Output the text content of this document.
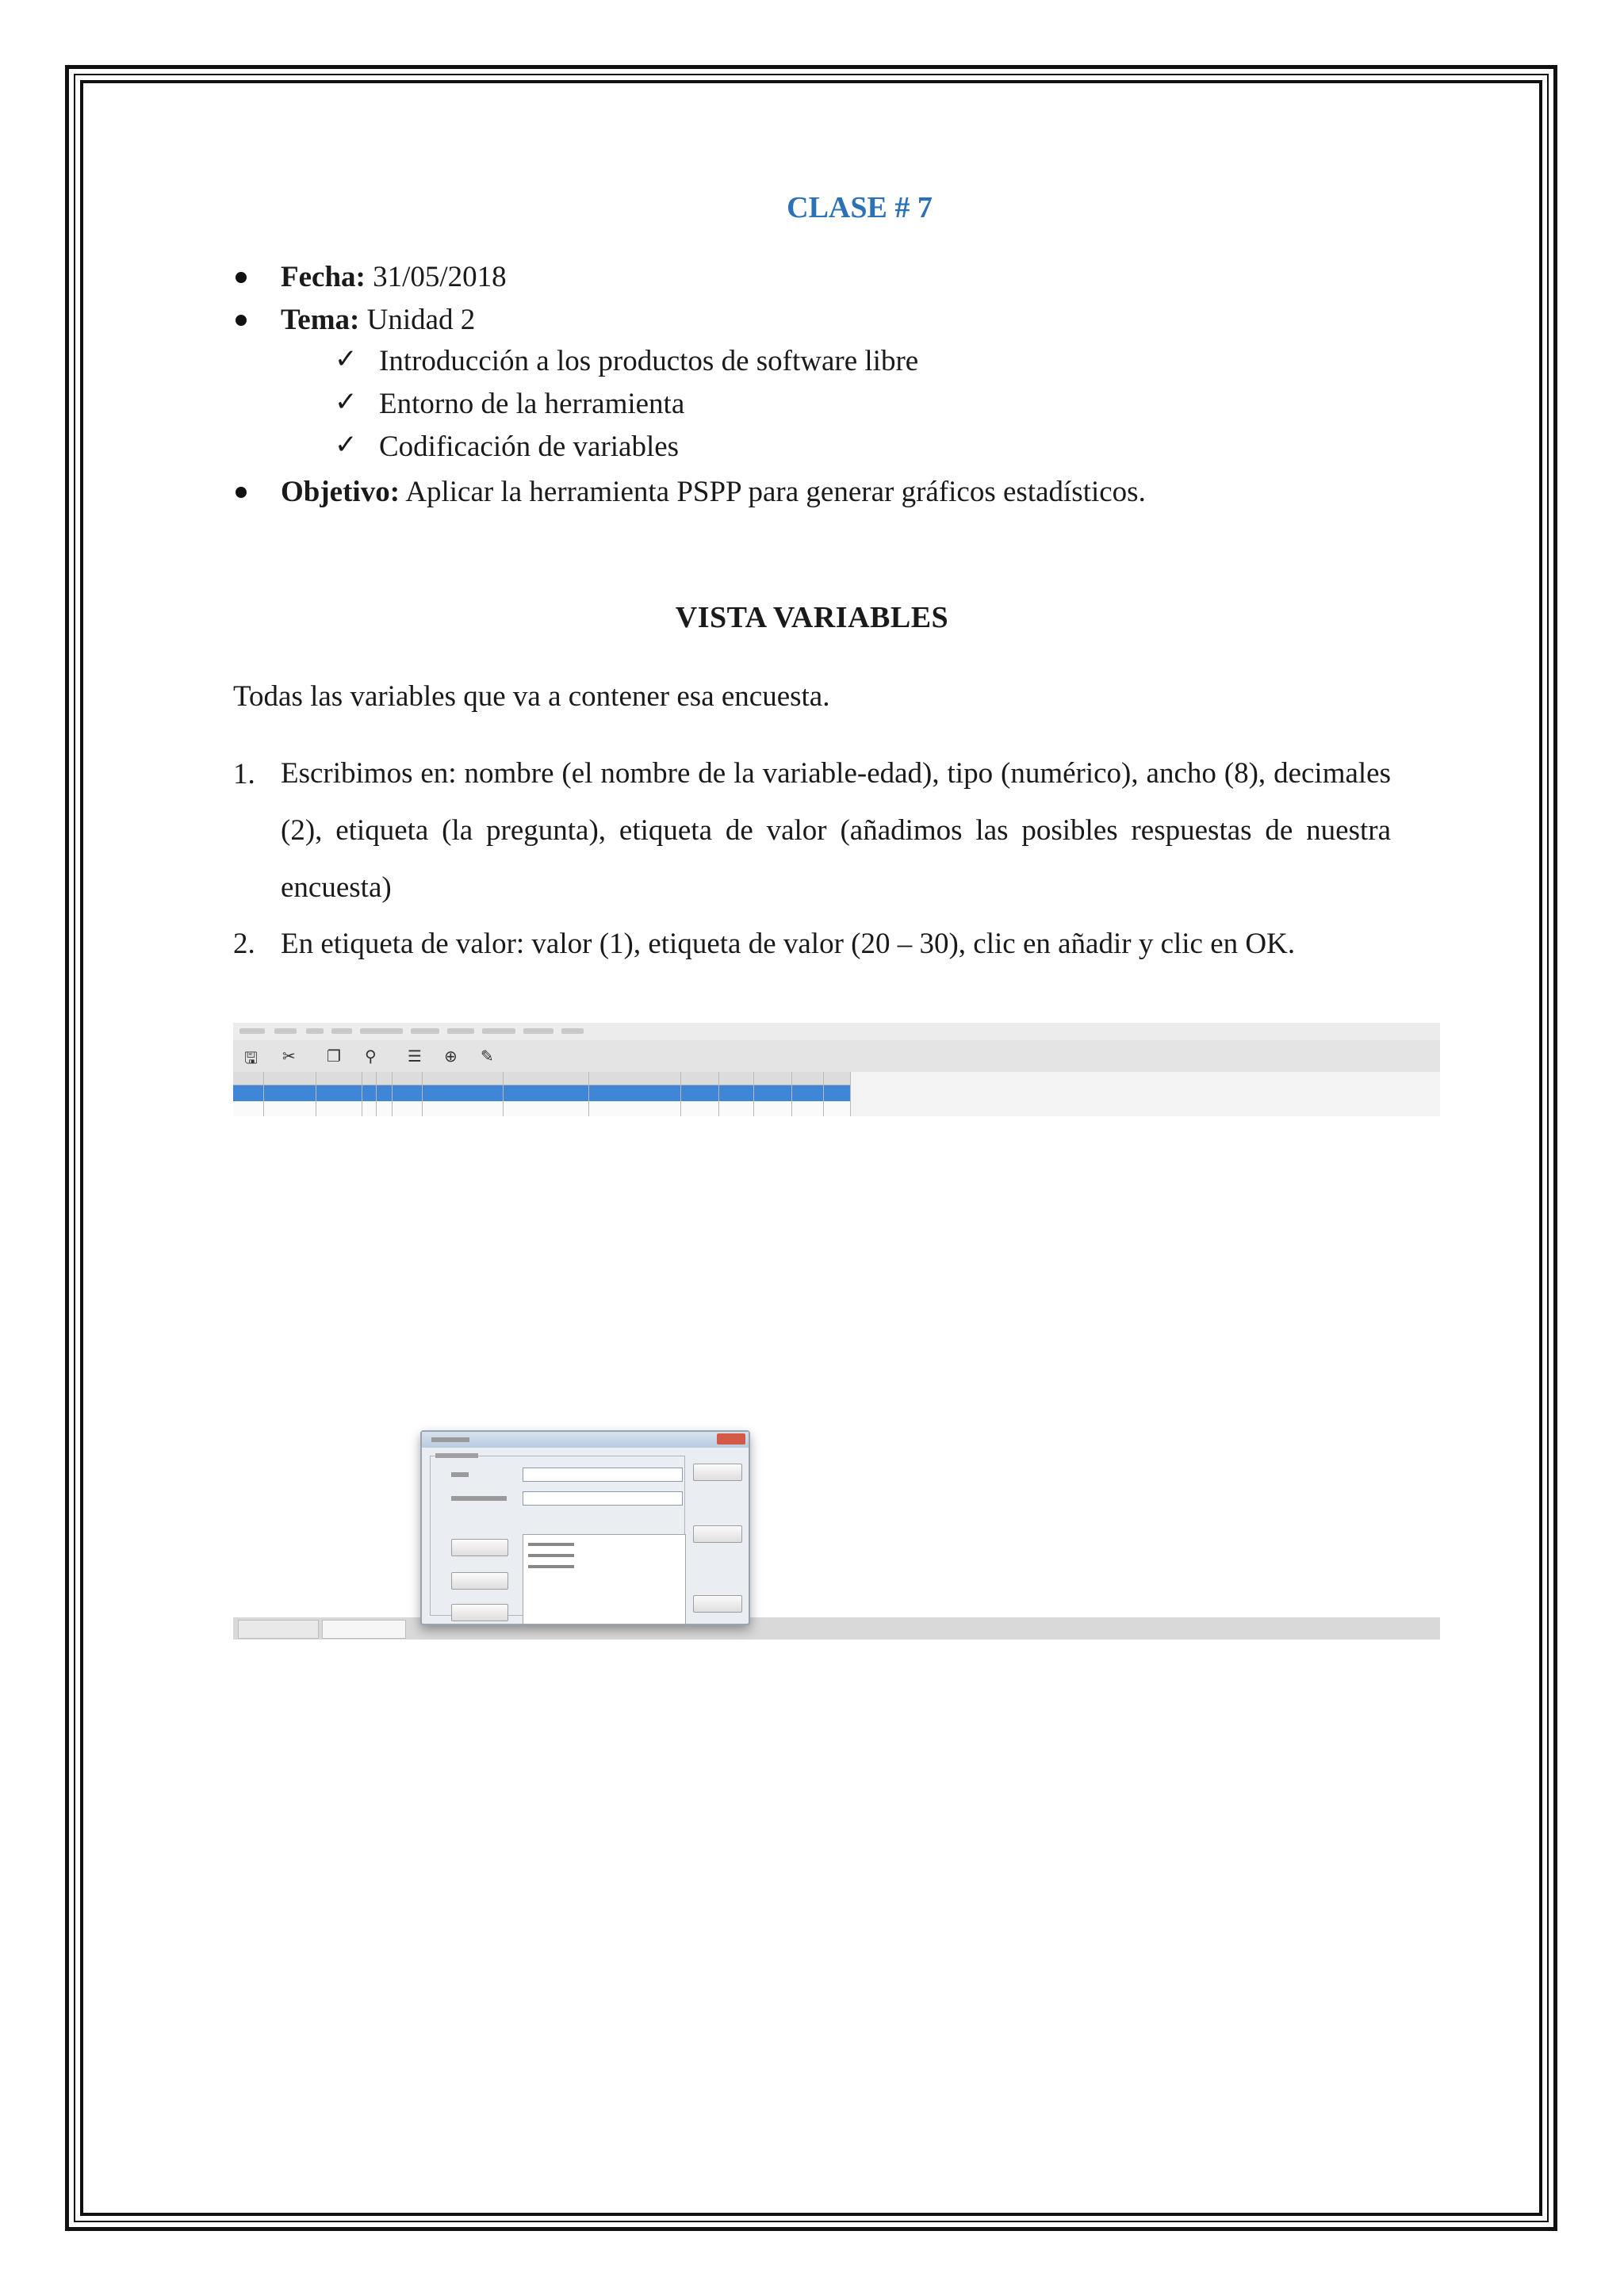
CLASE # 7
Fecha: 31/05/2018
Tema: Unidad 2
✓ Introducción a los productos de software libre
✓ Entorno de la herramienta
✓ Codificación de variables
Objetivo: Aplicar la herramienta PSPP para generar gráficos estadísticos.
VISTA VARIABLES
Todas las variables que va a contener esa encuesta.
1. Escribimos en: nombre (el nombre de la variable-edad), tipo (numérico), ancho (8), decimales (2), etiqueta (la pregunta), etiqueta de valor (añadimos las posibles respuestas de nuestra encuesta)
2. En etiqueta de valor: valor (1), etiqueta de valor (20 – 30), clic en añadir y clic en OK.
🖫 ✂ ❐ ⚲ ☰ ⊕ ✎
